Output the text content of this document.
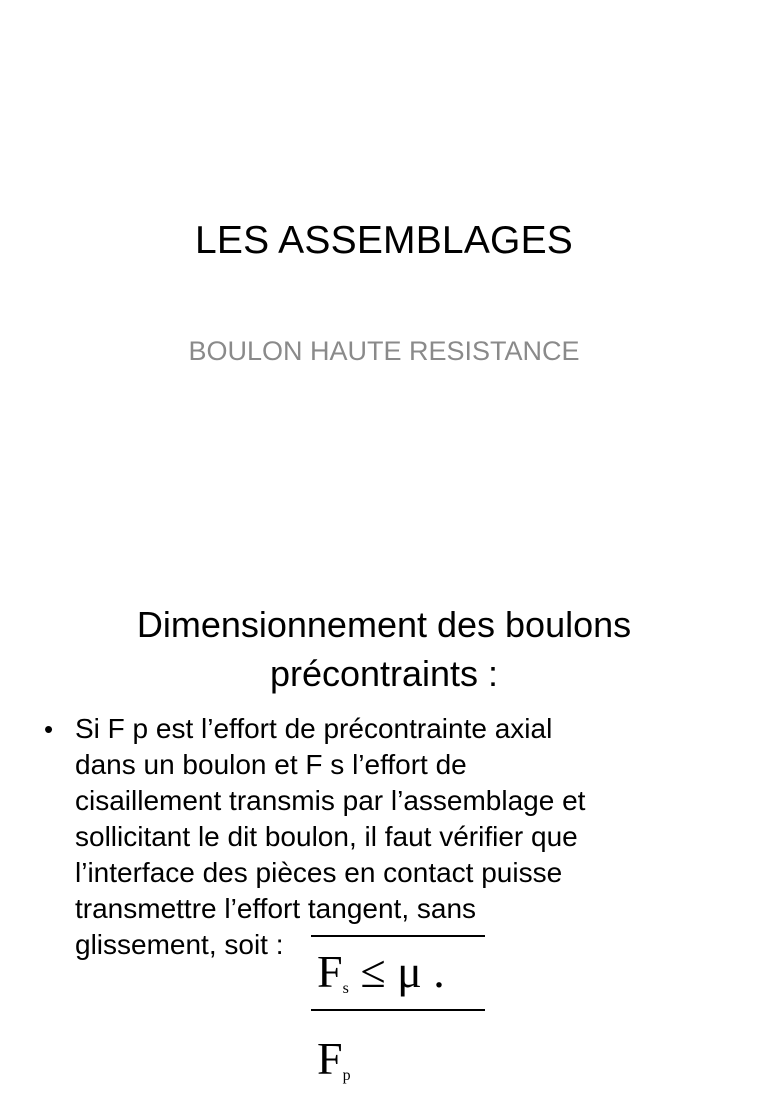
LES ASSEMBLAGES
BOULON HAUTE RESISTANCE
Dimensionnement des boulons
précontraints :
• Si F p est l’effort de précontrainte axial
dans un boulon et F s l’effort de
cisaillement transmis par l’assemblage et
sollicitant le dit boulon, il faut vérifier que
l’interface des pièces en contact puisse
transmettre l’effort tangent, sans
glissement, soit :
$F_s \le \mu$ . $F_p$
